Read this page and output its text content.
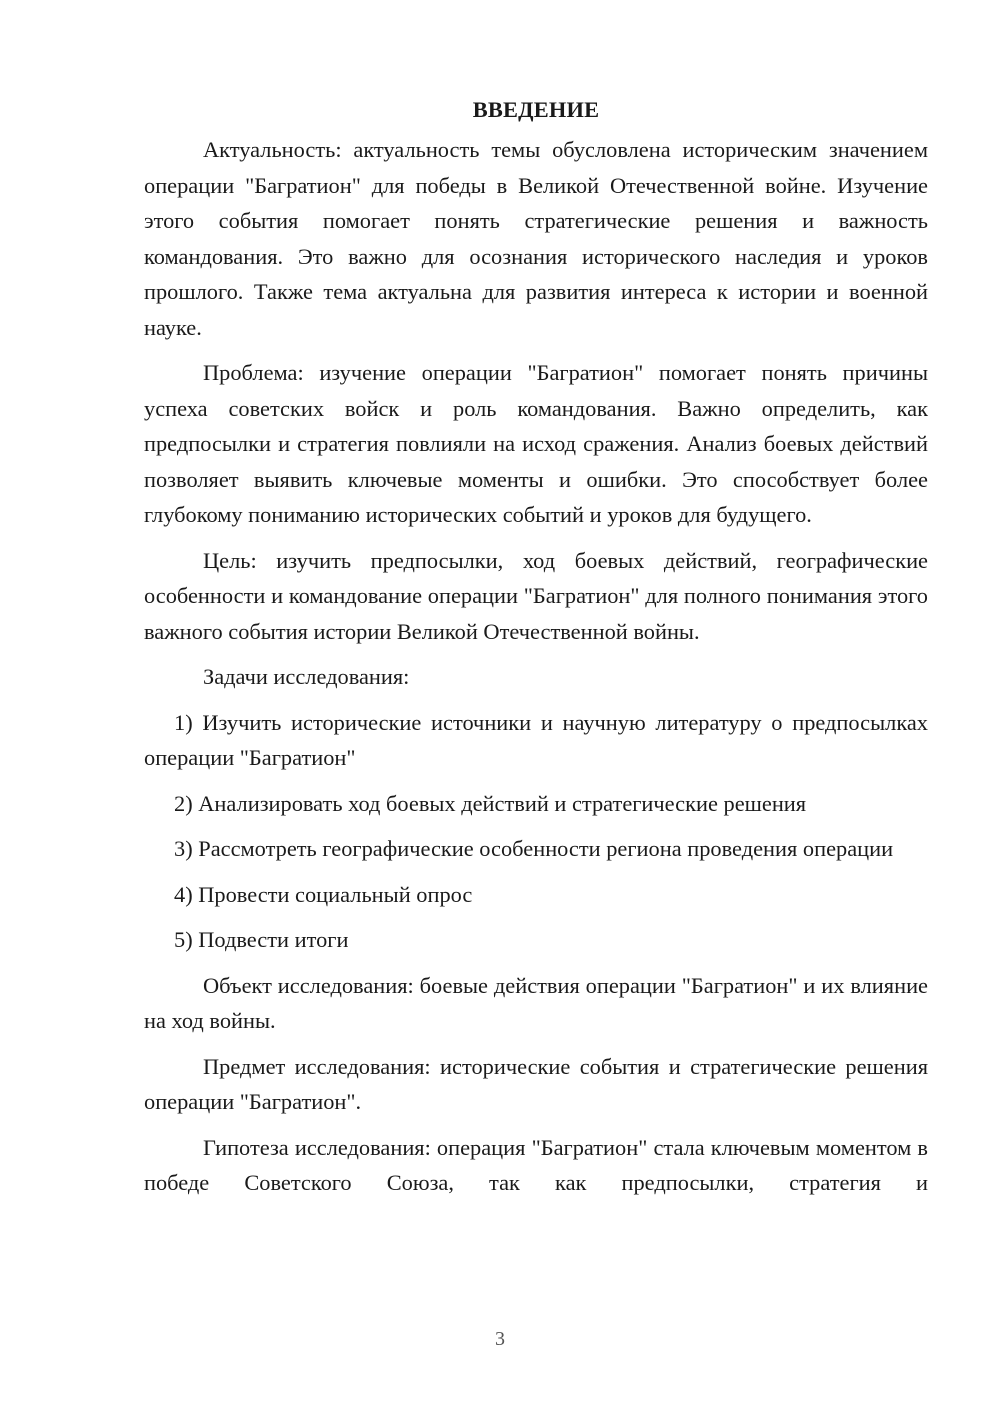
ВВЕДЕНИЕ

Актуальность: актуальность темы обусловлена историческим значением операции "Багратион" для победы в Великой Отечественной войне. Изучение этого события помогает понять стратегические решения и важность командования. Это важно для осознания исторического наследия и уроков прошлого. Также тема актуальна для развития интереса к истории и военной науке.

Проблема: изучение операции "Багратион" помогает понять причины успеха советских войск и роль командования. Важно определить, как предпосылки и стратегия повлияли на исход сражения. Анализ боевых действий позволяет выявить ключевые моменты и ошибки. Это способствует более глубокому пониманию исторических событий и уроков для будущего.

Цель: изучить предпосылки, ход боевых действий, географические особенности и командование операции "Багратион" для полного понимания этого важного события истории Великой Отечественной войны.

Задачи исследования:

1) Изучить исторические источники и научную литературу о предпосылках операции "Багратион"

2) Анализировать ход боевых действий и стратегические решения

3) Рассмотреть географические особенности региона проведения операции

4) Провести социальный опрос

5) Подвести итоги

Объект исследования: боевые действия операции "Багратион" и их влияние на ход войны.

Предмет исследования: исторические события и стратегические решения операции "Багратион".

Гипотеза исследования: операция "Багратион" стала ключевым моментом в победе Советского Союза, так как предпосылки, стратегия и

3
